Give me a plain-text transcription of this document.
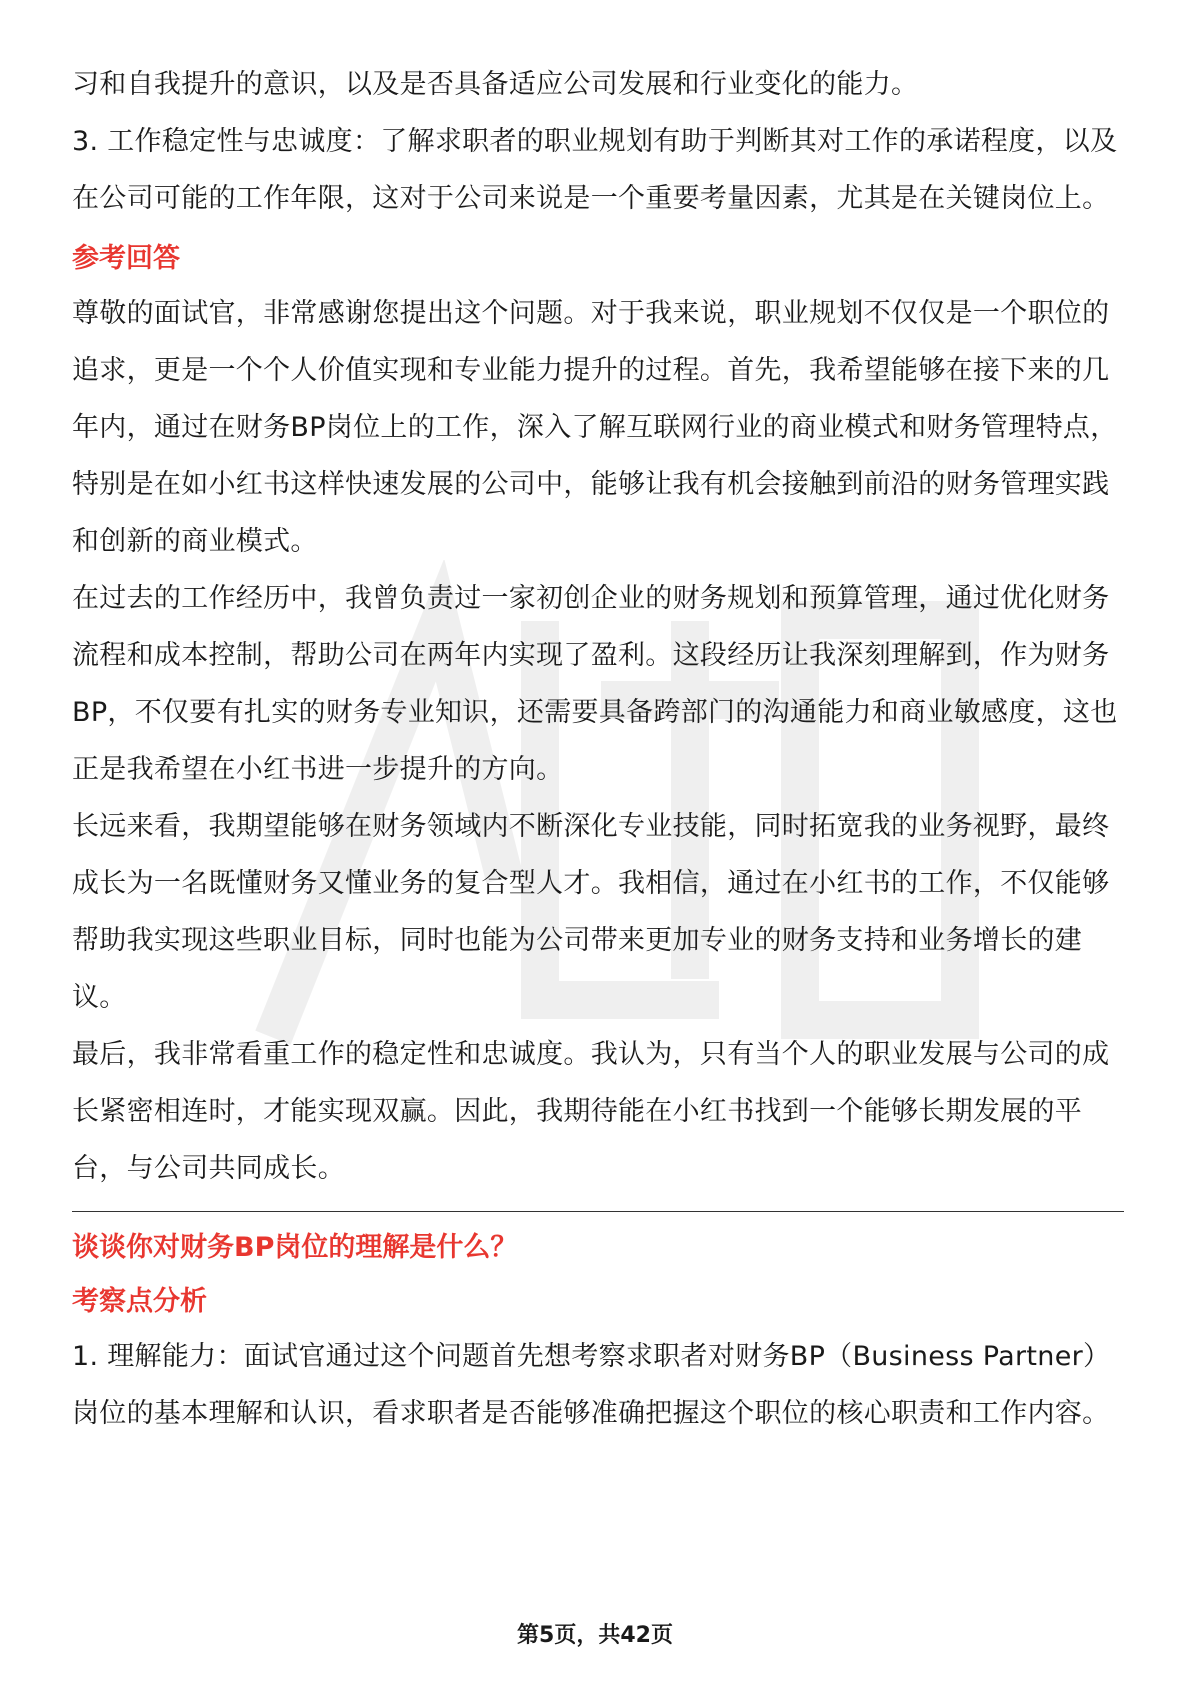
习和自我提升的意识，以及是否具备适应公司发展和行业变化的能力。

3. 工作稳定性与忠诚度：了解求职者的职业规划有助于判断其对工作的承诺程度，以及在公司可能的工作年限，这对于公司来说是一个重要考量因素，尤其是在关键岗位上。

参考回答

尊敬的面试官，非常感谢您提出这个问题。对于我来说，职业规划不仅仅是一个职位的追求，更是一个个人价值实现和专业能力提升的过程。首先，我希望能够在接下来的几年内，通过在财务BP岗位上的工作，深入了解互联网行业的商业模式和财务管理特点，特别是在如小红书这样快速发展的公司中，能够让我有机会接触到前沿的财务管理实践和创新的商业模式。

在过去的工作经历中，我曾负责过一家初创企业的财务规划和预算管理，通过优化财务流程和成本控制，帮助公司在两年内实现了盈利。这段经历让我深刻理解到，作为财务BP，不仅要有扎实的财务专业知识，还需要具备跨部门的沟通能力和商业敏感度，这也正是我希望在小红书进一步提升的方向。

长远来看，我期望能够在财务领域内不断深化专业技能，同时拓宽我的业务视野，最终成长为一名既懂财务又懂业务的复合型人才。我相信，通过在小红书的工作，不仅能够帮助我实现这些职业目标，同时也能为公司带来更加专业的财务支持和业务增长的建议。

最后，我非常看重工作的稳定性和忠诚度。我认为，只有当个人的职业发展与公司的成长紧密相连时，才能实现双赢。因此，我期待能在小红书找到一个能够长期发展的平台，与公司共同成长。

谈谈你对财务BP岗位的理解是什么？

考察点分析

1. 理解能力：面试官通过这个问题首先想考察求职者对财务BP（Business Partner）岗位的基本理解和认识，看求职者是否能够准确把握这个职位的核心职责和工作内容。

第5页，共42页
